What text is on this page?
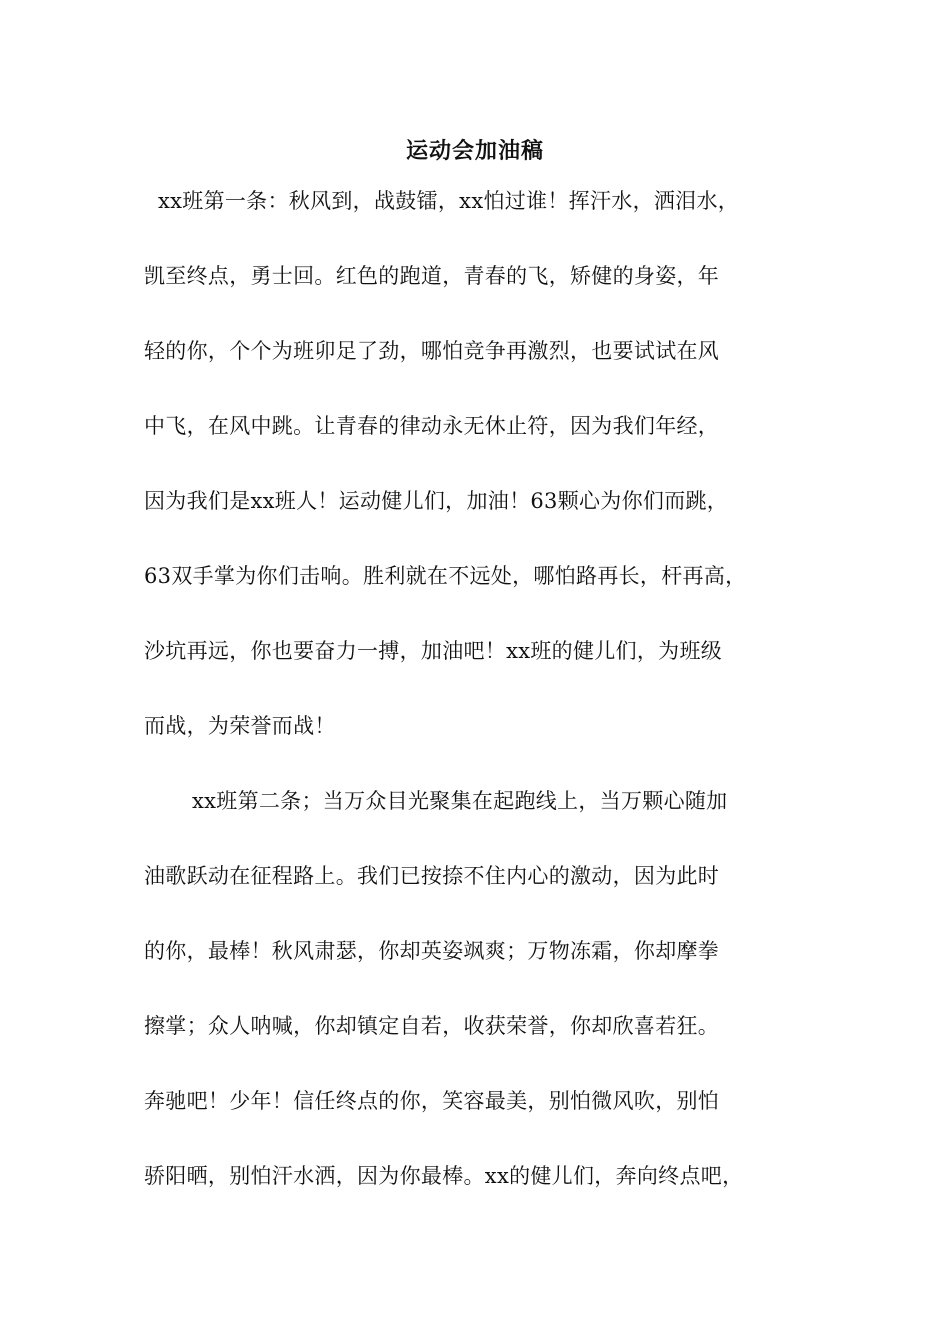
运动会加油稿
xx班第一条：秋风到，战鼓镭，xx怕过谁！挥汗水，洒泪水，
凯至终点，勇士回。红色的跑道，青春的飞，矫健的身姿，年
轻的你，个个为班卯足了劲，哪怕竞争再激烈，也要试试在风
中飞，在风中跳。让青春的律动永无休止符，因为我们年经，
因为我们是xx班人！运动健儿们，加油！63颗心为你们而跳，
63双手掌为你们击响。胜利就在不远处，哪怕路再长，杆再高，
沙坑再远，你也要奋力一搏，加油吧！xx班的健儿们，为班级
而战，为荣誉而战！
xx班第二条；当万众目光聚集在起跑线上，当万颗心随加
油歌跃动在征程路上。我们已按捺不住内心的激动，因为此时
的你，最棒！秋风肃瑟，你却英姿飒爽；万物冻霜，你却摩拳
擦掌；众人呐喊，你却镇定自若，收获荣誉，你却欣喜若狂。
奔驰吧！少年！信任终点的你，笑容最美，别怕微风吹，别怕
骄阳晒，别怕汗水洒，因为你最棒。xx的健儿们，奔向终点吧，
